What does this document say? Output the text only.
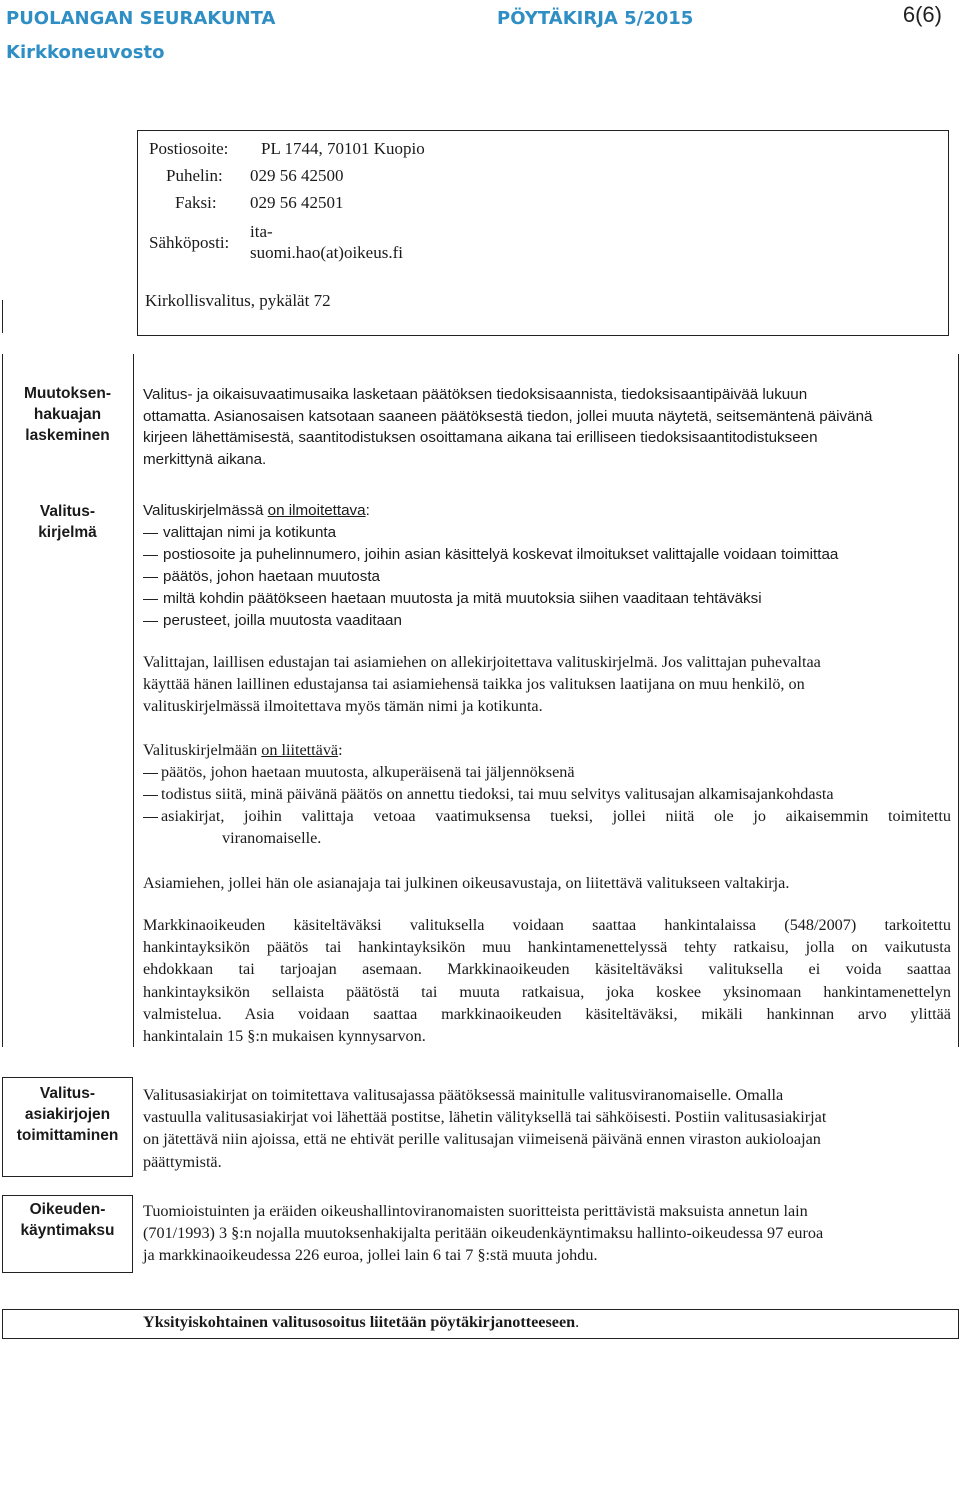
PUOLANGAN SEURAKUNTA	PÖYTÄKIRJA 5/2015	6(6)
Kirkkoneuvosto
Postiosoite: PL 1744, 70101 Kuopio
Puhelin: 029 56 42500
Faksi: 029 56 42501
Sähköposti:
ita-
suomi.hao(at)oikeus.fi
Kirkollisvalitus, pykälät 72
Muutoksen-
hakuajan
laskeminen
Valitus- ja oikaisuvaatimusaika lasketaan päätöksen tiedoksisaannista, tiedoksisaantipäivää lukuun
ottamatta. Asianosaisen katsotaan saaneen päätöksestä tiedon, jollei muuta näytetä, seitsemäntenä päivänä
kirjeen lähettämisestä, saantitodistuksen osoittamana aikana tai erilliseen tiedoksisaantitodistukseen
merkittynä aikana.
Valitus-
kirjelmä
Valituskirjelmässä on ilmoitettava:
valittajan nimi ja kotikunta
postiosoite ja puhelinnumero, joihin asian käsittelyä koskevat ilmoitukset valittajalle voidaan toimittaa
päätös, johon haetaan muutosta
miltä kohdin päätökseen haetaan muutosta ja mitä muutoksia siihen vaaditaan tehtäväksi
perusteet, joilla muutosta vaaditaan
Valittajan, laillisen edustajan tai asiamiehen on allekirjoitettava valituskirjelmä. Jos valittajan puhevaltaa
käyttää hänen laillinen edustajansa tai asiamiehensä taikka jos valituksen laatijana on muu henkilö, on
valituskirjelmässä ilmoitettava myös tämän nimi ja kotikunta.
Valituskirjelmään on liitettävä:
päätös, johon haetaan muutosta, alkuperäisenä tai jäljennöksenä
todistus siitä, minä päivänä päätös on annettu tiedoksi, tai muu selvitys valitusajan alkamisajankohdasta
asiakirjat, joihin valittaja vetoaa vaatimuksensa tueksi, jollei niitä ole jo aikaisemmin toimitettu
viranomaiselle.
Asiamiehen, jollei hän ole asianajaja tai julkinen oikeusavustaja, on liitettävä valitukseen valtakirja.
Markkinaoikeuden käsiteltäväksi valituksella voidaan saattaa hankintalaissa (548/2007) tarkoitettu
hankintayksikön päätös tai hankintayksikön muu hankintamenettelyssä tehty ratkaisu, jolla on vaikutusta
ehdokkaan tai tarjoajan asemaan. Markkinaoikeuden käsiteltäväksi valituksella ei voida saattaa
hankintayksikön sellaista päätöstä tai muuta ratkaisua, joka koskee yksinomaan hankintamenettelyn
valmistelua. Asia voidaan saattaa markkinaoikeuden käsiteltäväksi, mikäli hankinnan arvo ylittää
hankintalain 15 §:n mukaisen kynnysarvon.
Valitus-
asiakirjojen
toimittaminen
Valitusasiakirjat on toimitettava valitusajassa päätöksessä mainitulle valitusviranomaiselle. Omalla
vastuulla valitusasiakirjat voi lähettää postitse, lähetin välityksellä tai sähköisesti. Postiin valitusasiakirjat
on jätettävä niin ajoissa, että ne ehtivät perille valitusajan viimeisenä päivänä ennen viraston aukioloajan
päättymistä.
Oikeuden-
käyntimaksu
Tuomioistuinten ja eräiden oikeushallintoviranomaisten suoritteista perittävistä maksuista annetun lain
(701/1993) 3 §:n nojalla muutoksenhakijalta peritään oikeudenkäyntimaksu hallinto-oikeudessa 97 euroa
ja markkinaoikeudessa 226 euroa, jollei lain 6 tai 7 §:stä muuta johdu.
Yksityiskohtainen valitusosoitus liitetään pöytäkirjanotteeseen.
